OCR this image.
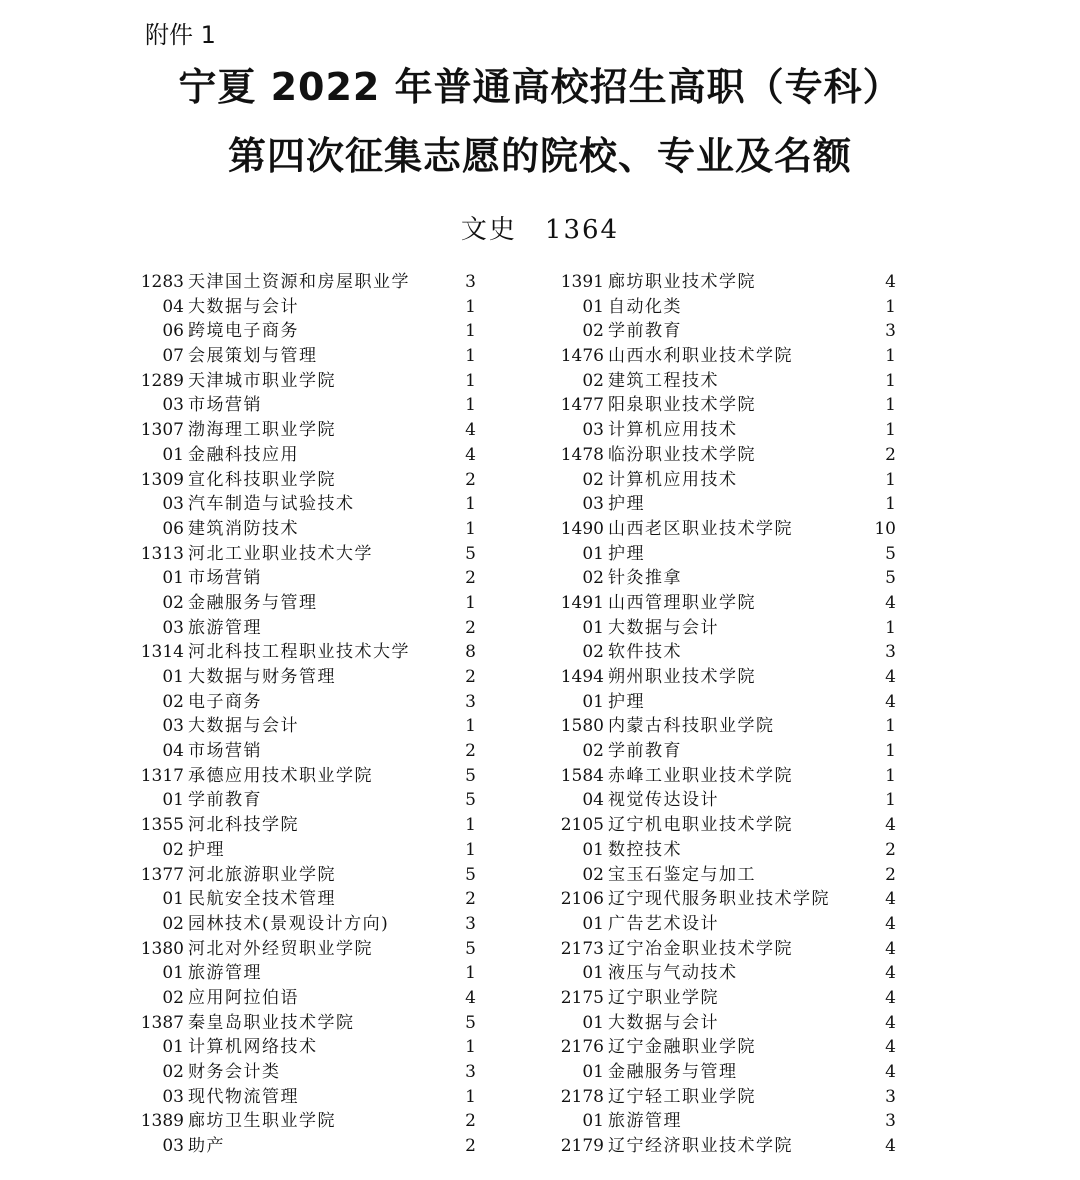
附件 1
宁夏 2022 年普通高校招生高职（专科）
第四次征集志愿的院校、专业及名额
文史　1364
1283 天津国土资源和房屋职业学	3
04 大数据与会计	1
06 跨境电子商务	1
07 会展策划与管理	1
1289 天津城市职业学院	1
03 市场营销	1
1307 渤海理工职业学院	4
01 金融科技应用	4
1309 宣化科技职业学院	2
03 汽车制造与试验技术	1
06 建筑消防技术	1
1313 河北工业职业技术大学	5
01 市场营销	2
02 金融服务与管理	1
03 旅游管理	2
1314 河北科技工程职业技术大学	8
01 大数据与财务管理	2
02 电子商务	3
03 大数据与会计	1
04 市场营销	2
1317 承德应用技术职业学院	5
01 学前教育	5
1355 河北科技学院	1
02 护理	1
1377 河北旅游职业学院	5
01 民航安全技术管理	2
02 园林技术(景观设计方向)	3
1380 河北对外经贸职业学院	5
01 旅游管理	1
02 应用阿拉伯语	4
1387 秦皇岛职业技术学院	5
01 计算机网络技术	1
02 财务会计类	3
03 现代物流管理	1
1389 廊坊卫生职业学院	2
03 助产	2
1391 廊坊职业技术学院	4
01 自动化类	1
02 学前教育	3
1476 山西水利职业技术学院	1
02 建筑工程技术	1
1477 阳泉职业技术学院	1
03 计算机应用技术	1
1478 临汾职业技术学院	2
02 计算机应用技术	1
03 护理	1
1490 山西老区职业技术学院	10
01 护理	5
02 针灸推拿	5
1491 山西管理职业学院	4
01 大数据与会计	1
02 软件技术	3
1494 朔州职业技术学院	4
01 护理	4
1580 内蒙古科技职业学院	1
02 学前教育	1
1584 赤峰工业职业技术学院	1
04 视觉传达设计	1
2105 辽宁机电职业技术学院	4
01 数控技术	2
02 宝玉石鉴定与加工	2
2106 辽宁现代服务职业技术学院	4
01 广告艺术设计	4
2173 辽宁冶金职业技术学院	4
01 液压与气动技术	4
2175 辽宁职业学院	4
01 大数据与会计	4
2176 辽宁金融职业学院	4
01 金融服务与管理	4
2178 辽宁轻工职业学院	3
01 旅游管理	3
2179 辽宁经济职业技术学院	4
